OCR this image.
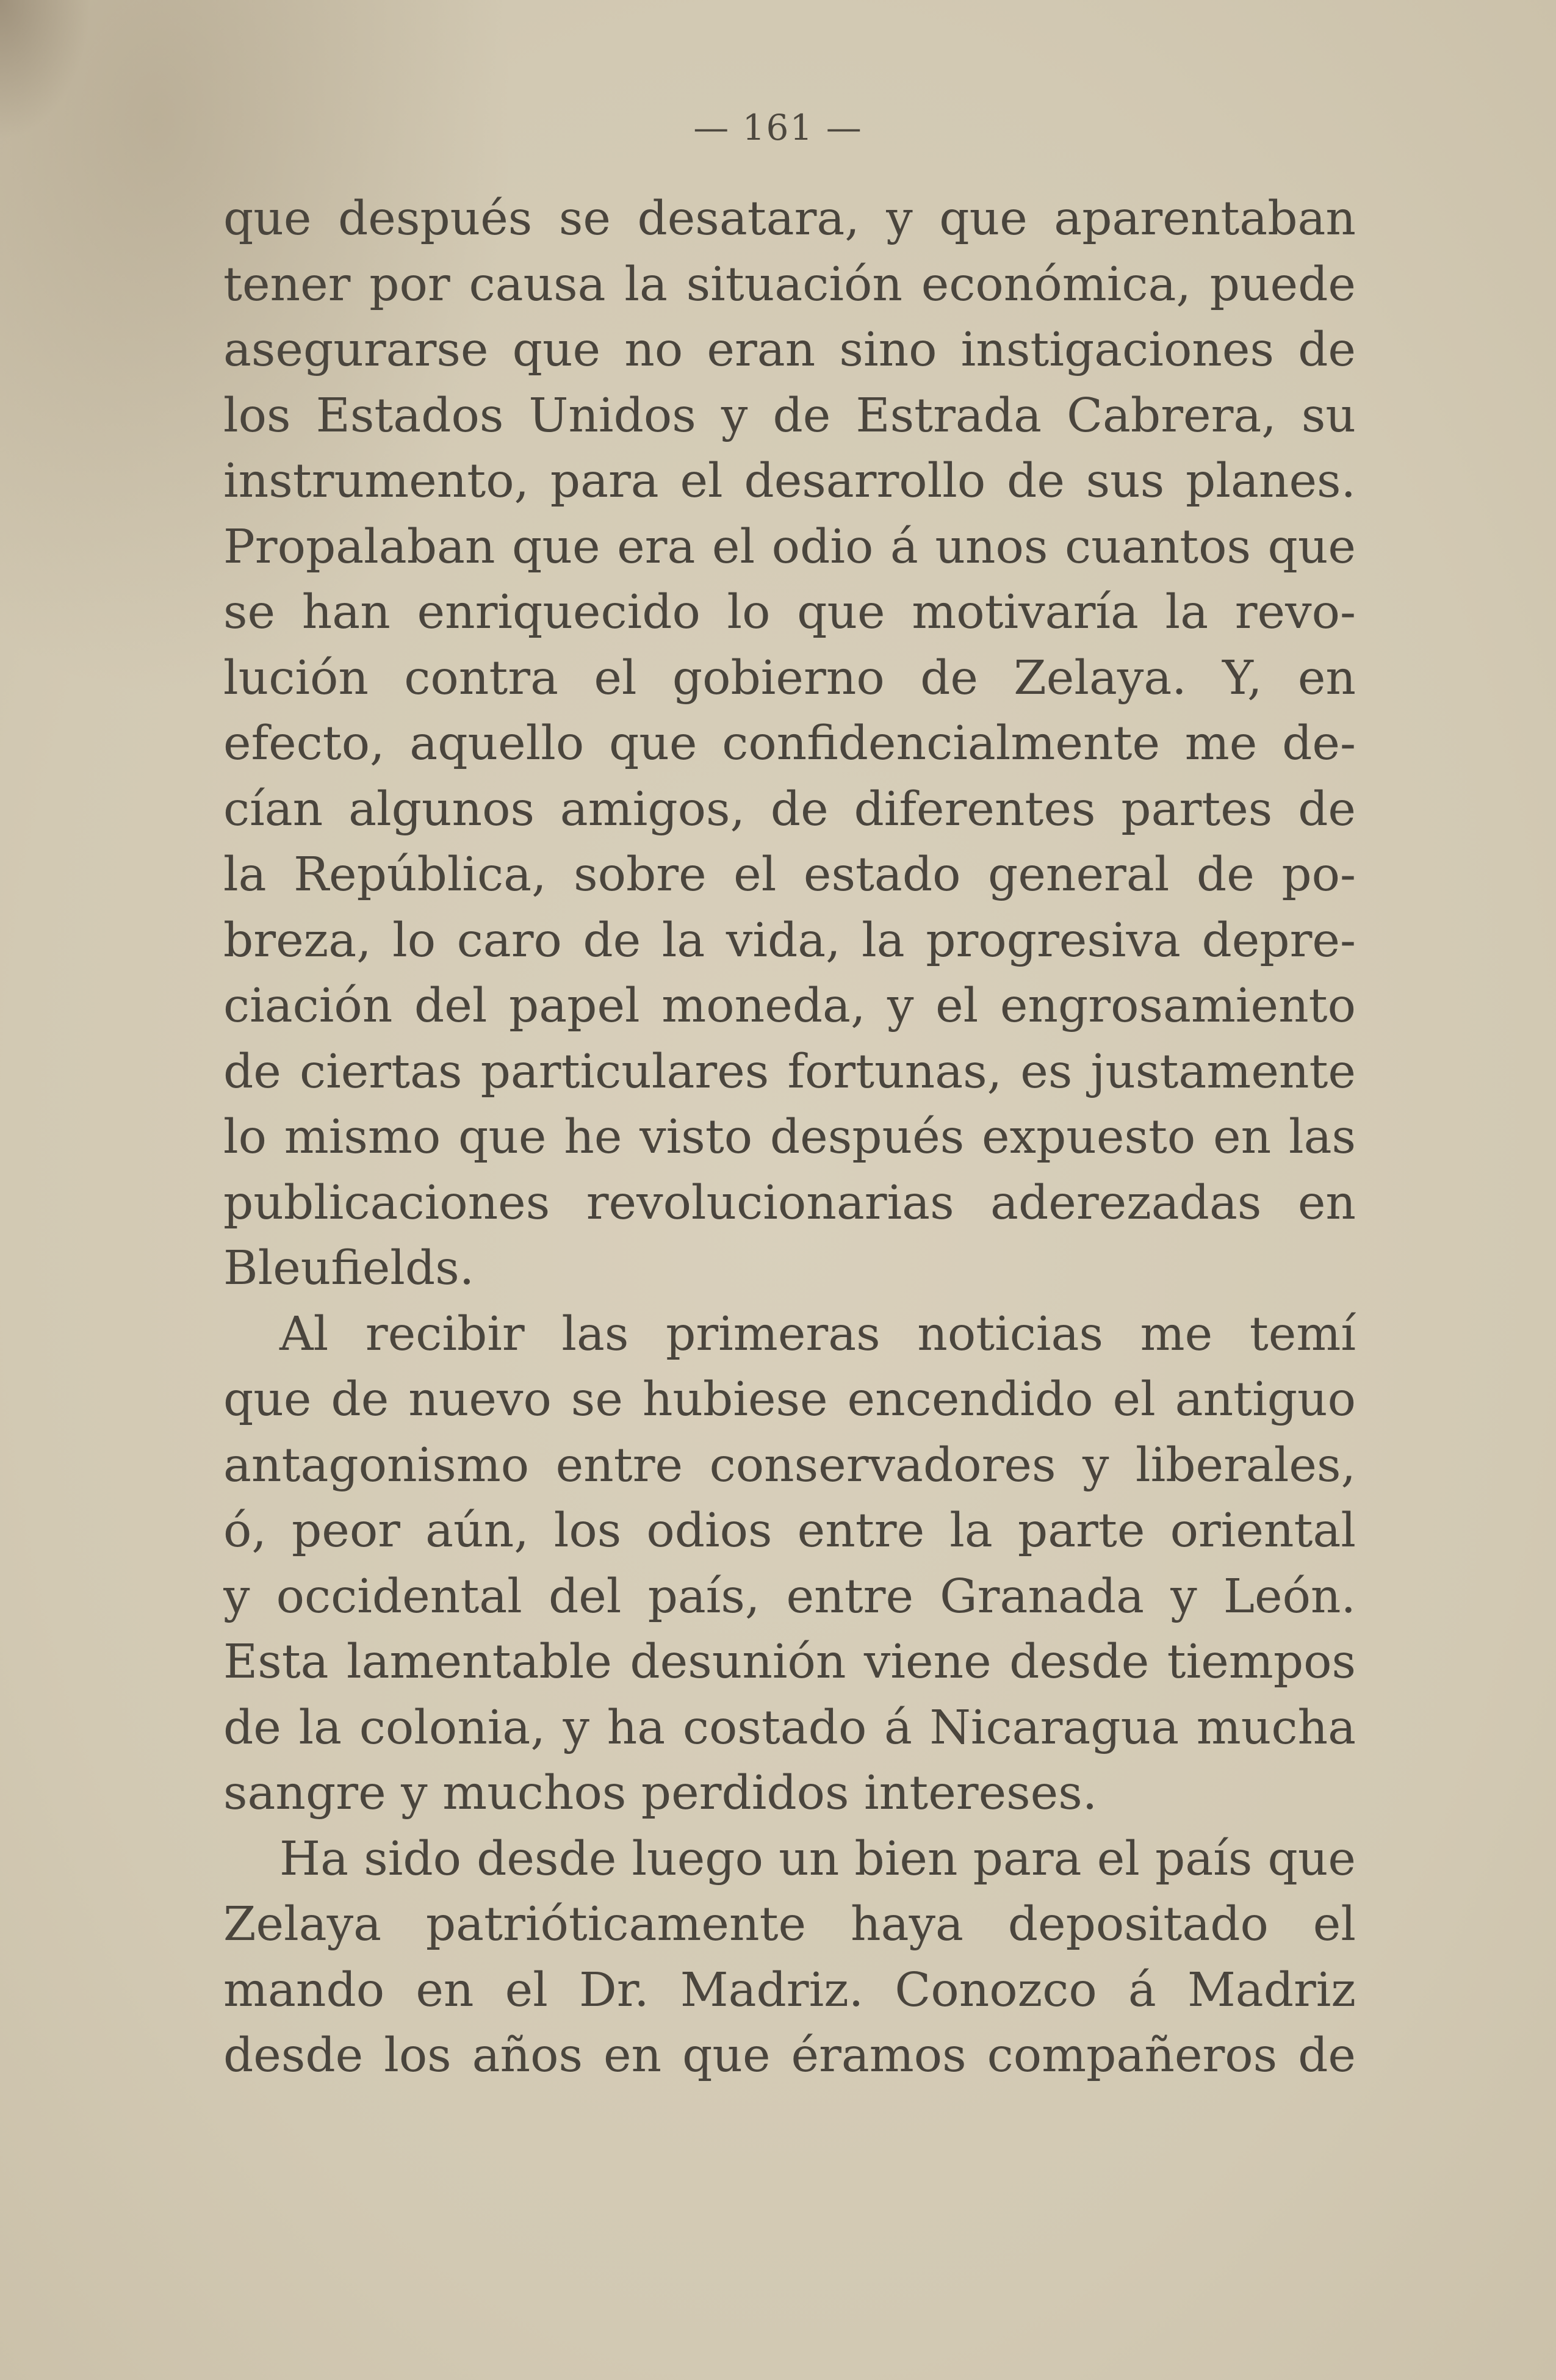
— 161 —
que después se desatara, y que aparentaban
tener por causa la situación económica, puede
asegurarse que no eran sino instigaciones de
los Estados Unidos y de Estrada Cabrera, su
instrumento, para el desarrollo de sus planes.
Propalaban que era el odio á unos cuantos que
se han enriquecido lo que motivaría la revo-
lución contra el gobierno de Zelaya. Y, en
efecto, aquello que confidencialmente me de-
cían algunos amigos, de diferentes partes de
la República, sobre el estado general de po-
breza, lo caro de la vida, la progresiva depre-
ciación del papel moneda, y el engrosamiento
de ciertas particulares fortunas, es justamente
lo mismo que he visto después expuesto en las
publicaciones revolucionarias aderezadas en
Bleufields.
Al recibir las primeras noticias me temí
que de nuevo se hubiese encendido el antiguo
antagonismo entre conservadores y liberales,
ó, peor aún, los odios entre la parte oriental
y occidental del país, entre Granada y León.
Esta lamentable desunión viene desde tiempos
de la colonia, y ha costado á Nicaragua mucha
sangre y muchos perdidos intereses.
Ha sido desde luego un bien para el país que
Zelaya patrióticamente haya depositado el
mando en el Dr. Madriz. Conozco á Madriz
desde los años en que éramos compañeros de
